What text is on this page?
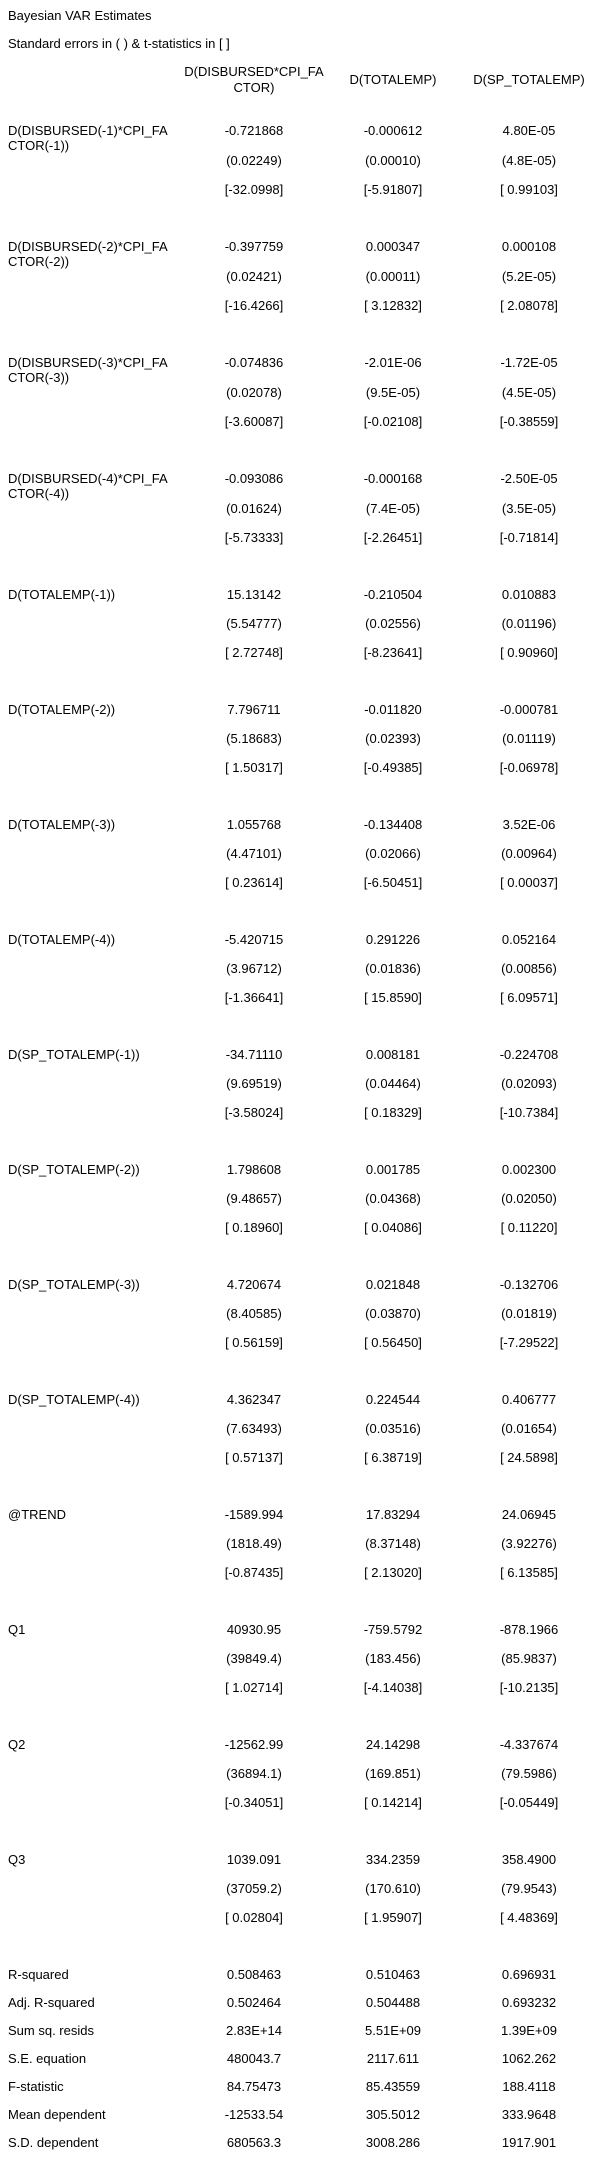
Bayesian VAR Estimates
Standard errors in ( ) & t-statistics in [ ]
	D(DISBURSED*CPI_FACTOR)	D(TOTALEMP)	D(SP_TOTALEMP)
D(DISBURSED(-1)*CPI_FACTOR(-1))	-0.721868	-0.000612	4.80E-05
	(0.02249)	(0.00010)	(4.8E-05)
	[-32.0998]	[-5.91807]	[ 0.99103]

D(DISBURSED(-2)*CPI_FACTOR(-2))	-0.397759	0.000347	0.000108
	(0.02421)	(0.00011)	(5.2E-05)
	[-16.4266]	[ 3.12832]	[ 2.08078]

D(DISBURSED(-3)*CPI_FACTOR(-3))	-0.074836	-2.01E-06	-1.72E-05
	(0.02078)	(9.5E-05)	(4.5E-05)
	[-3.60087]	[-0.02108]	[-0.38559]

D(DISBURSED(-4)*CPI_FACTOR(-4))	-0.093086	-0.000168	-2.50E-05
	(0.01624)	(7.4E-05)	(3.5E-05)
	[-5.73333]	[-2.26451]	[-0.71814]

D(TOTALEMP(-1))	15.13142	-0.210504	0.010883
	(5.54777)	(0.02556)	(0.01196)
	[ 2.72748]	[-8.23641]	[ 0.90960]

D(TOTALEMP(-2))	7.796711	-0.011820	-0.000781
	(5.18683)	(0.02393)	(0.01119)
	[ 1.50317]	[-0.49385]	[-0.06978]

D(TOTALEMP(-3))	1.055768	-0.134408	3.52E-06
	(4.47101)	(0.02066)	(0.00964)
	[ 0.23614]	[-6.50451]	[ 0.00037]

D(TOTALEMP(-4))	-5.420715	0.291226	0.052164
	(3.96712)	(0.01836)	(0.00856)
	[-1.36641]	[ 15.8590]	[ 6.09571]

D(SP_TOTALEMP(-1))	-34.71110	0.008181	-0.224708
	(9.69519)	(0.04464)	(0.02093)
	[-3.58024]	[ 0.18329]	[-10.7384]

D(SP_TOTALEMP(-2))	1.798608	0.001785	0.002300
	(9.48657)	(0.04368)	(0.02050)
	[ 0.18960]	[ 0.04086]	[ 0.11220]

D(SP_TOTALEMP(-3))	4.720674	0.021848	-0.132706
	(8.40585)	(0.03870)	(0.01819)
	[ 0.56159]	[ 0.56450]	[-7.29522]

D(SP_TOTALEMP(-4))	4.362347	0.224544	0.406777
	(7.63493)	(0.03516)	(0.01654)
	[ 0.57137]	[ 6.38719]	[ 24.5898]

@TREND	-1589.994	17.83294	24.06945
	(1818.49)	(8.37148)	(3.92276)
	[-0.87435]	[ 2.13020]	[ 6.13585]

Q1	40930.95	-759.5792	-878.1966
	(39849.4)	(183.456)	(85.9837)
	[ 1.02714]	[-4.14038]	[-10.2135]

Q2	-12562.99	24.14298	-4.337674
	(36894.1)	(169.851)	(79.5986)
	[-0.34051]	[ 0.14214]	[-0.05449]

Q3	1039.091	334.2359	358.4900
	(37059.2)	(170.610)	(79.9543)
	[ 0.02804]	[ 1.95907]	[ 4.48369]

R-squared	0.508463	0.510463	0.696931
Adj. R-squared	0.502464	0.504488	0.693232
Sum sq. resids	2.83E+14	5.51E+09	1.39E+09
S.E. equation	480043.7	2117.611	1062.262
F-statistic	84.75473	85.43559	188.4118
Mean dependent	-12533.54	305.5012	333.9648
S.D. dependent	680563.3	3008.286	1917.901
